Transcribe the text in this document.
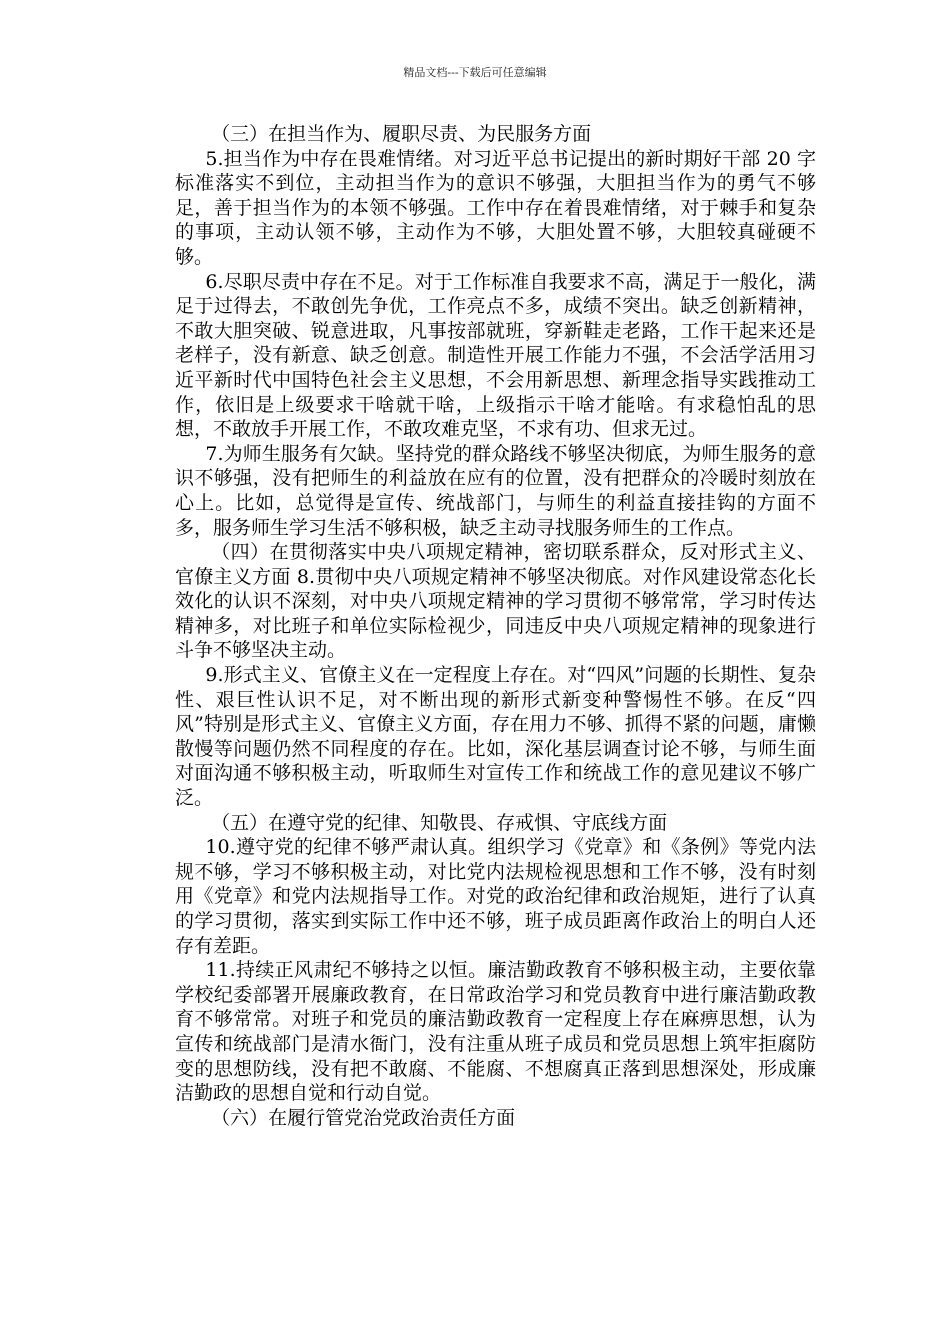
精品文档---下载后可任意编辑

（三）在担当作为、履职尽责、为民服务方面

5.担当作为中存在畏难情绪。对习近平总书记提出的新时期好干部 20 字标准落实不到位，主动担当作为的意识不够强，大胆担当作为的勇气不够足，善于担当作为的本领不够强。工作中存在着畏难情绪，对于棘手和复杂的事项，主动认领不够，主动作为不够，大胆处置不够，大胆较真碰硬不够。

6.尽职尽责中存在不足。对于工作标准自我要求不高，满足于一般化，满足于过得去，不敢创先争优，工作亮点不多，成绩不突出。缺乏创新精神，不敢大胆突破、锐意进取，凡事按部就班，穿新鞋走老路，工作干起来还是老样子，没有新意、缺乏创意。制造性开展工作能力不强，不会活学活用习近平新时代中国特色社会主义思想，不会用新思想、新理念指导实践推动工作，依旧是上级要求干啥就干啥，上级指示干啥才能啥。有求稳怕乱的思想，不敢放手开展工作，不敢攻难克坚，不求有功、但求无过。

7.为师生服务有欠缺。坚持党的群众路线不够坚决彻底，为师生服务的意识不够强，没有把师生的利益放在应有的位置，没有把群众的冷暖时刻放在心上。比如，总觉得是宣传、统战部门，与师生的利益直接挂钩的方面不多，服务师生学习生活不够积极，缺乏主动寻找服务师生的工作点。

（四）在贯彻落实中央八项规定精神，密切联系群众，反对形式主义、官僚主义方面 8.贯彻中央八项规定精神不够坚决彻底。对作风建设常态化长效化的认识不深刻，对中央八项规定精神的学习贯彻不够常常，学习时传达精神多，对比班子和单位实际检视少，同违反中央八项规定精神的现象进行斗争不够坚决主动。

9.形式主义、官僚主义在一定程度上存在。对“四风”问题的长期性、复杂性、艰巨性认识不足，对不断出现的新形式新变种警惕性不够。在反“四风”特别是形式主义、官僚主义方面，存在用力不够、抓得不紧的问题，庸懒散慢等问题仍然不同程度的存在。比如，深化基层调查讨论不够，与师生面对面沟通不够积极主动，听取师生对宣传工作和统战工作的意见建议不够广泛。

（五）在遵守党的纪律、知敬畏、存戒惧、守底线方面

10.遵守党的纪律不够严肃认真。组织学习《党章》和《条例》等党内法规不够，学习不够积极主动，对比党内法规检视思想和工作不够，没有时刻用《党章》和党内法规指导工作。对党的政治纪律和政治规矩，进行了认真的学习贯彻，落实到实际工作中还不够，班子成员距离作政治上的明白人还存有差距。

11.持续正风肃纪不够持之以恒。廉洁勤政教育不够积极主动，主要依靠学校纪委部署开展廉政教育，在日常政治学习和党员教育中进行廉洁勤政教育不够常常。对班子和党员的廉洁勤政教育一定程度上存在麻痹思想，认为宣传和统战部门是清水衙门，没有注重从班子成员和党员思想上筑牢拒腐防变的思想防线，没有把不敢腐、不能腐、不想腐真正落到思想深处，形成廉洁勤政的思想自觉和行动自觉。

（六）在履行管党治党政治责任方面
